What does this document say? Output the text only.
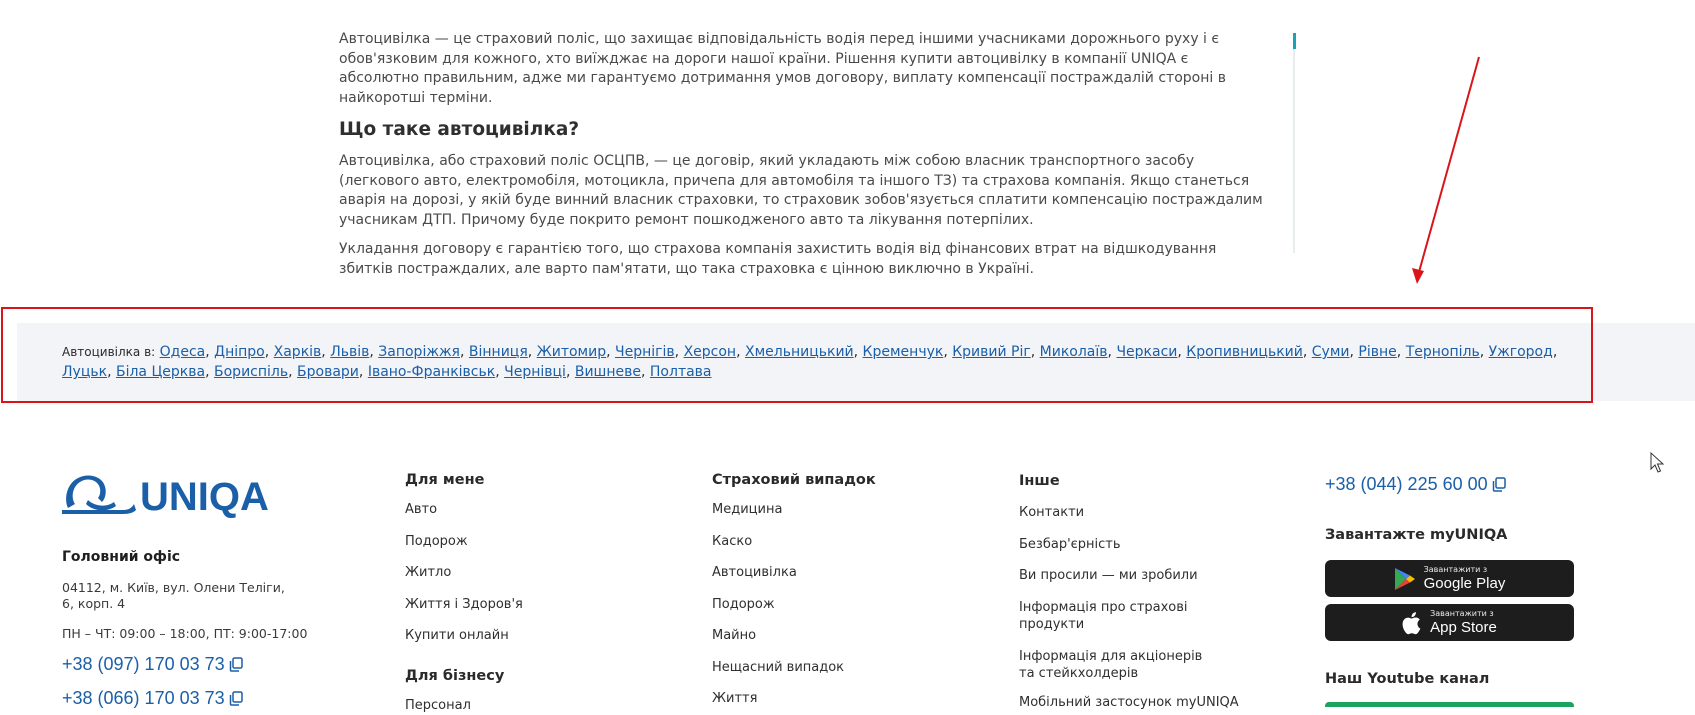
Автоцивілка — це страховий поліс, що захищає відповідальність водія перед іншими учасниками дорожнього руху і є обов'язковим для кожного, хто виїжджає на дороги нашої країни. Рішення купити автоцивілку в компанії UNIQA є абсолютно правильним, адже ми гарантуємо дотримання умов договору, виплату компенсації постраждалій стороні в найкоротші терміни.

Що таке автоцивілка?

Автоцивілка, або страховий поліс ОСЦПВ, — це договір, який укладають між собою власник транспортного засобу (легкового авто, електромобіля, мотоцикла, причепа для автомобіля та іншого ТЗ) та страхова компанія. Якщо станеться аварія на дорозі, у якій буде винний власник страховки, то страховик зобов'язується сплатити компенсацію постраждалим учасникам ДТП. Причому буде покрито ремонт пошкодженого авто та лікування потерпілих.

Укладання договору є гарантією того, що страхова компанія захистить водія від фінансових втрат на відшкодування збитків постраждалих, але варто пам'ятати, що така страховка є цінною виключно в Україні.

Автоцивілка в: Одеса, Дніпро, Харків, Львів, Запоріжжя, Вінниця, Житомир, Чернігів, Херсон, Хмельницький, Кременчук, Кривий Ріг, Миколаїв, Черкаси, Кропивницький, Суми, Рівне, Тернопіль, Ужгород, Луцьк, Біла Церква, Бориспіль, Бровари, Івано-Франківськ, Чернівці, Вишневе, Полтава
UNIQA
Головний офіс
04112, м. Київ, вул. Олени Теліги, 6, корп. 4
ПН – ЧТ: 09:00 – 18:00, ПТ: 9:00-17:00
+38 (097) 170 03 73
+38 (066) 170 03 73
Для мене
Авто
Подорож
Житло
Життя і Здоров'я
Купити онлайн
Для бізнесу
Персонал
Страховий випадок
Медицина
Каско
Автоцивілка
Подорож
Майно
Нещасний випадок
Життя
Інше
Контакти
Безбар'єрність
Ви просили — ми зробили
Інформація про страхові продукти
Інформація для акціонерів та стейкхолдерів
Мобільний застосунок myUNIQA
+38 (044) 225 60 00
Завантажте myUNIQA
Завантажити з
Google Play
Завантажити з
App Store
Наш Youtube канал
